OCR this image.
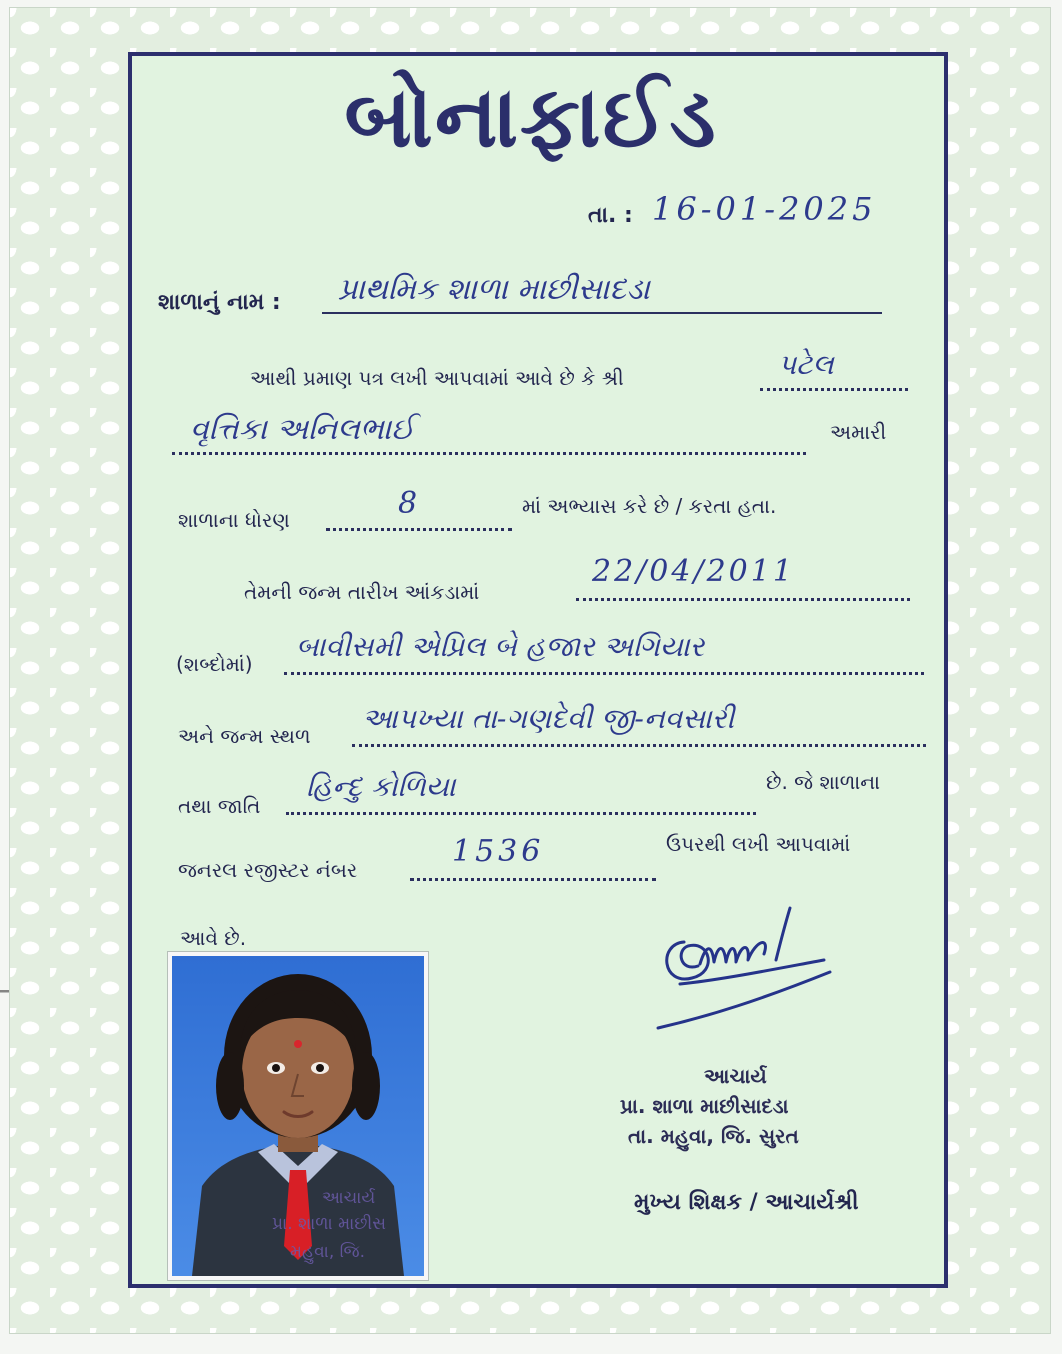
બોનાફાઈડ
તા. : 16-01-2025
શાળાનું નામ : પ્રાથમિક શાળા માછીસાદડા
આથી પ્રમાણ પત્ર લખી આપવામાં આવે છે કે શ્રી	પટેલ
વૃત્તિકા અનિલભાઈ	અમારી
શાળાના ધોરણ	8	માં અભ્યાસ કરે છે / કરતા હતા.
તેમની જન્મ તારીખ આંકડામાં
22/04/2011
(શબ્દોમાં)
બાવીસમી એપ્રિલ બે હજાર અગિયાર
અને જન્મ સ્થળ
આપખ્યા તા-ગણદેવી જી-નવસારી
તથા જાતિ
હિન્દુ કોળિયા	છે. જે શાળાના
જનરલ રજીસ્ટર નંબર
1536	ઉપરથી લખી આપવામાં
આવે છે.
આચાર્ય
પ્રા. શાળા માછીસાદડા
તા. મહુવા, જિ. સુરત
મુખ્ય શિક્ષક / આચાર્યશ્રી
આચાર્ય
પ્રા. શાળા માછીસ
મહુવા, જિ.
